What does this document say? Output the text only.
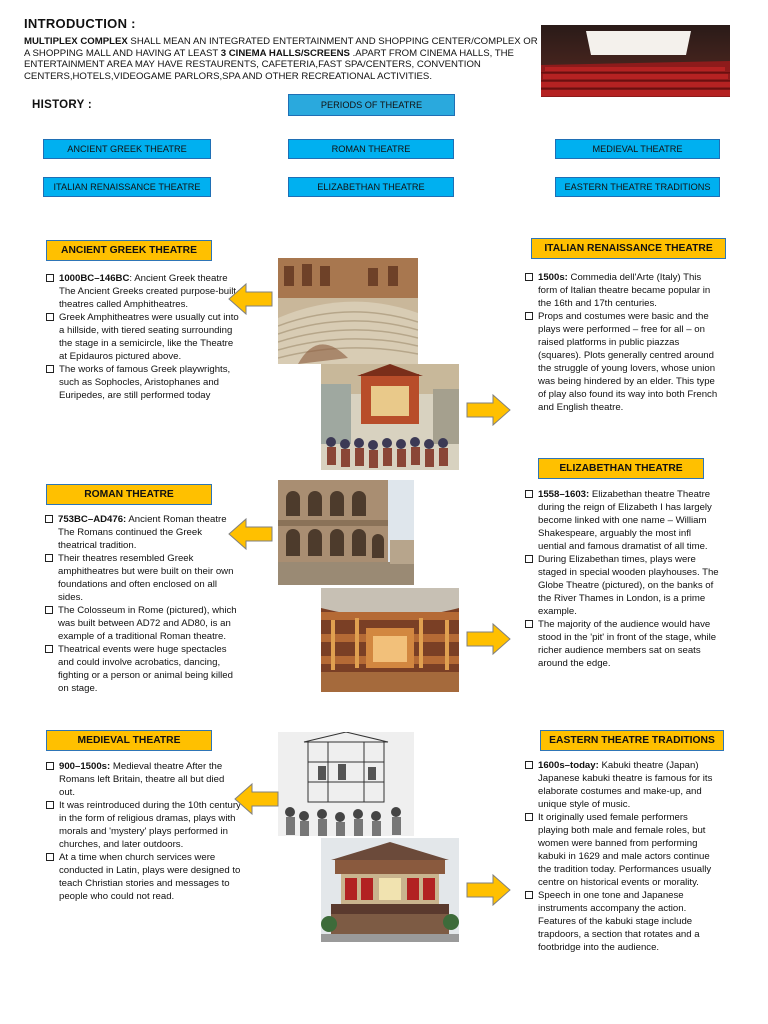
INTRODUCTION :
MULTIPLEX COMPLEX SHALL MEAN AN INTEGRATED ENTERTAINMENT AND SHOPPING CENTER/COMPLEX OR A SHOPPING MALL AND HAVING AT LEAST 3 CINEMA HALLS/SCREENS .APART FROM CINEMA HALLS, THE ENTERTAINMENT AREA MAY HAVE RESTAURENTS, CAFETERIA,FAST SPA/CENTERS, CONVENTION CENTERS,HOTELS,VIDEOGAME PARLORS,SPA AND OTHER RECREATIONAL ACTIVITIES.
HISTORY :	PERIODS OF THEATRE
ANCIENT GREEK THEATRE	ROMAN THEATRE	MEDIEVAL THEATRE
ITALIAN RENAISSANCE THEATRE	ELIZABETHAN THEATRE	EASTERN THEATRE TRADITIONS
ANCIENT GREEK THEATRE
1000BC–146BC: Ancient Greek theatre The Ancient Greeks created purpose-built theatres called Amphitheatres.
Greek Amphitheatres were usually cut into a hillside, with tiered seating surrounding the stage in a semicircle, like the Theatre at Epidauros pictured above.
The works of famous Greek playwrights, such as Sophocles, Aristophanes and Euripedes, are still performed today
ITALIAN RENAISSANCE THEATRE
1500s: Commedia dell'Arte (Italy) This form of Italian theatre became popular in the 16th and 17th centuries.
Props and costumes were basic and the plays were performed – free for all – on raised platforms in public piazzas (squares). Plots generally centred around the struggle of young lovers, whose union was being hindered by an elder. This type of play also found its way into both French and English theatre.
ELIZABETHAN THEATRE
1558–1603: Elizabethan theatre Theatre during the reign of Elizabeth I has largely become linked with one name – William Shakespeare, arguably the most infl uential and famous dramatist of all time.
During Elizabethan times, plays were staged in special wooden playhouses. The Globe Theatre (pictured), on the banks of the River Thames in London, is a prime example.
The majority of the audience would have stood in the 'pit' in front of the stage, while richer audience members sat on seats around the edge.
ROMAN THEATRE
753BC–AD476: Ancient Roman theatre The Romans continued the Greek theatrical tradition.
Their theatres resembled Greek amphitheatres but were built on their own foundations and often enclosed on all sides.
The Colosseum in Rome (pictured), which was built between AD72 and AD80, is an example of a traditional Roman theatre.
Theatrical events were huge spectacles and could involve acrobatics, dancing, fighting or a person or animal being killed on stage.
MEDIEVAL THEATRE
900–1500s: Medieval theatre After the Romans left Britain, theatre all but died out.
It was reintroduced during the 10th century in the form of religious dramas, plays with morals and 'mystery' plays performed in churches, and later outdoors.
At a time when church services were conducted in Latin, plays were designed to teach Christian stories and messages to people who could not read.
EASTERN THEATRE TRADITIONS
1600s–today: Kabuki theatre (Japan) Japanese kabuki theatre is famous for its elaborate costumes and make-up, and unique style of music.
It originally used female performers playing both male and female roles, but women were banned from performing kabuki in 1629 and male actors continue the tradition today. Performances usually centre on historical events or morality.
Speech in one tone and Japanese instruments accompany the action. Features of the kabuki stage include trapdoors, a section that rotates and a footbridge into the audience.
